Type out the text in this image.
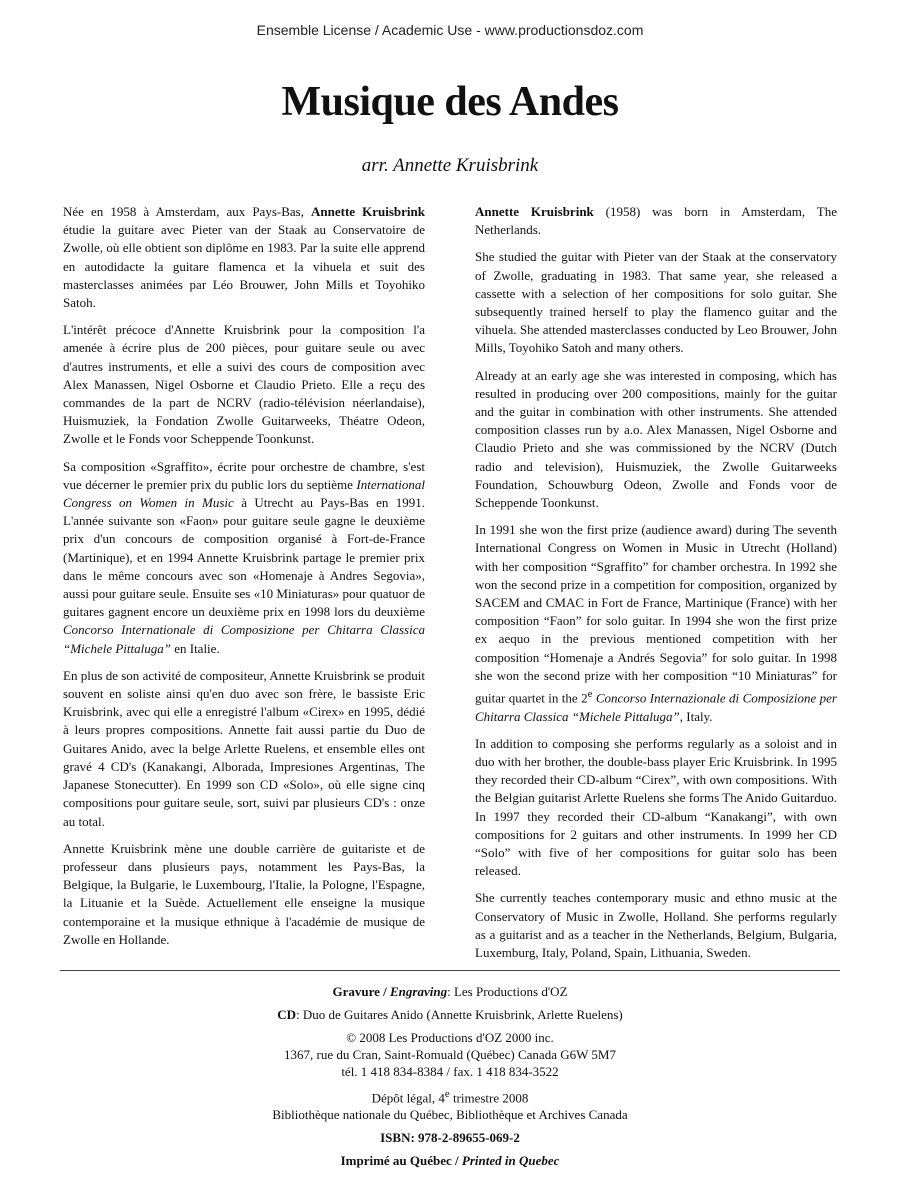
Ensemble License / Academic Use - www.productionsdoz.com
Musique des Andes
arr. Annette Kruisbrink

Née en 1958 à Amsterdam, aux Pays-Bas, Annette Kruisbrink étudie la guitare avec Pieter van der Staak au Conservatoire de Zwolle, où elle obtient son diplôme en 1983. Par la suite elle apprend en autodidacte la guitare flamenca et la vihuela et suit des masterclasses animées par Léo Brouwer, John Mills et Toyohiko Satoh.

L'intérêt précoce d'Annette Kruisbrink pour la composition l'a amenée à écrire plus de 200 pièces, pour guitare seule ou avec d'autres instruments, et elle a suivi des cours de composition avec Alex Manassen, Nigel Osborne et Claudio Prieto. Elle a reçu des commandes de la part de NCRV (radio-télévision néerlandaise), Huismuziek, la Fondation Zwolle Guitarweeks, Théatre Odeon, Zwolle et le Fonds voor Scheppende Toonkunst.

Sa composition «Sgraffito», écrite pour orchestre de chambre, s'est vue décerner le premier prix du public lors du septième International Congress on Women in Music à Utrecht au Pays-Bas en 1991. L'année suivante son «Faon» pour guitare seule gagne le deuxième prix d'un concours de composition organisé à Fort-de-France (Martinique), et en 1994 Annette Kruisbrink partage le premier prix dans le même concours avec son «Homenaje à Andres Segovia», aussi pour guitare seule. Ensuite ses «10 Miniaturas» pour quatuor de guitares gagnent encore un deuxième prix en 1998 lors du deuxième Concorso Internationale di Composizione per Chitarra Classica “Michele Pittaluga” en Italie.

En plus de son activité de compositeur, Annette Kruisbrink se produit souvent en soliste ainsi qu'en duo avec son frère, le bassiste Eric Kruisbrink, avec qui elle a enregistré l'album «Cirex» en 1995, dédié à leurs propres compositions. Annette fait aussi partie du Duo de Guitares Anido, avec la belge Arlette Ruelens, et ensemble elles ont gravé 4 CD's (Kanakangi, Alborada, Impresiones Argentinas, The Japanese Stonecutter). En 1999 son CD «Solo», où elle signe cinq compositions pour guitare seule, sort, suivi par plusieurs CD's : onze au total.

Annette Kruisbrink mène une double carrière de guitariste et de professeur dans plusieurs pays, notamment les Pays-Bas, la Belgique, la Bulgarie, le Luxembourg, l'Italie, la Pologne, l'Espagne, la Lituanie et la Suède. Actuellement elle enseigne la musique contemporaine et la musique ethnique à l'académie de musique de Zwolle en Hollande.

Annette Kruisbrink (1958) was born in Amsterdam, The Netherlands.

She studied the guitar with Pieter van der Staak at the conservatory of Zwolle, graduating in 1983. That same year, she released a cassette with a selection of her compositions for solo guitar. She subsequently trained herself to play the flamenco guitar and the vihuela. She attended masterclasses conducted by Leo Brouwer, John Mills, Toyohiko Satoh and many others.

Already at an early age she was interested in composing, which has resulted in producing over 200 compositions, mainly for the guitar and the guitar in combination with other instruments. She attended composition classes run by a.o. Alex Manassen, Nigel Osborne and Claudio Prieto and she was commissioned by the NCRV (Dutch radio and television), Huismuziek, the Zwolle Guitarweeks Foundation, Schouwburg Odeon, Zwolle and Fonds voor de Scheppende Toonkunst.

In 1991 she won the first prize (audience award) during The seventh International Congress on Women in Music in Utrecht (Holland) with her composition “Sgraffito” for chamber orchestra. In 1992 she won the second prize in a competition for composition, organized by SACEM and CMAC in Fort de France, Martinique (France) with her composition “Faon” for solo guitar. In 1994 she won the first prize ex aequo in the previous mentioned competition with her composition “Homenaje a Andrés Segovia” for solo guitar. In 1998 she won the second prize with her composition “10 Miniaturas” for guitar quartet in the 2e Concorso Internazionale di Composizione per Chitarra Classica “Michele Pittaluga”, Italy.

In addition to composing she performs regularly as a soloist and in duo with her brother, the double-bass player Eric Kruisbrink. In 1995 they recorded their CD-album “Cirex”, with own compositions. With the Belgian guitarist Arlette Ruelens she forms The Anido Guitarduo. In 1997 they recorded their CD-album “Kanakangi”, with own compositions for 2 guitars and other instruments. In 1999 her CD “Solo” with five of her compositions for guitar solo has been released.

She currently teaches contemporary music and ethno music at the Conservatory of Music in Zwolle, Holland. She performs regularly as a guitarist and as a teacher in the Netherlands, Belgium, Bulgaria, Luxemburg, Italy, Poland, Spain, Lithuania, Sweden.

Gravure / Engraving: Les Productions d'OZ
CD: Duo de Guitares Anido (Annette Kruisbrink, Arlette Ruelens)
© 2008 Les Productions d'OZ 2000 inc.
1367, rue du Cran, Saint-Romuald (Québec) Canada G6W 5M7
tél. 1 418 834-8384 / fax. 1 418 834-3522
Dépôt légal, 4e trimestre 2008
Bibliothèque nationale du Québec, Bibliothèque et Archives Canada
ISBN: 978-2-89655-069-2
Imprimé au Québec / Printed in Quebec
